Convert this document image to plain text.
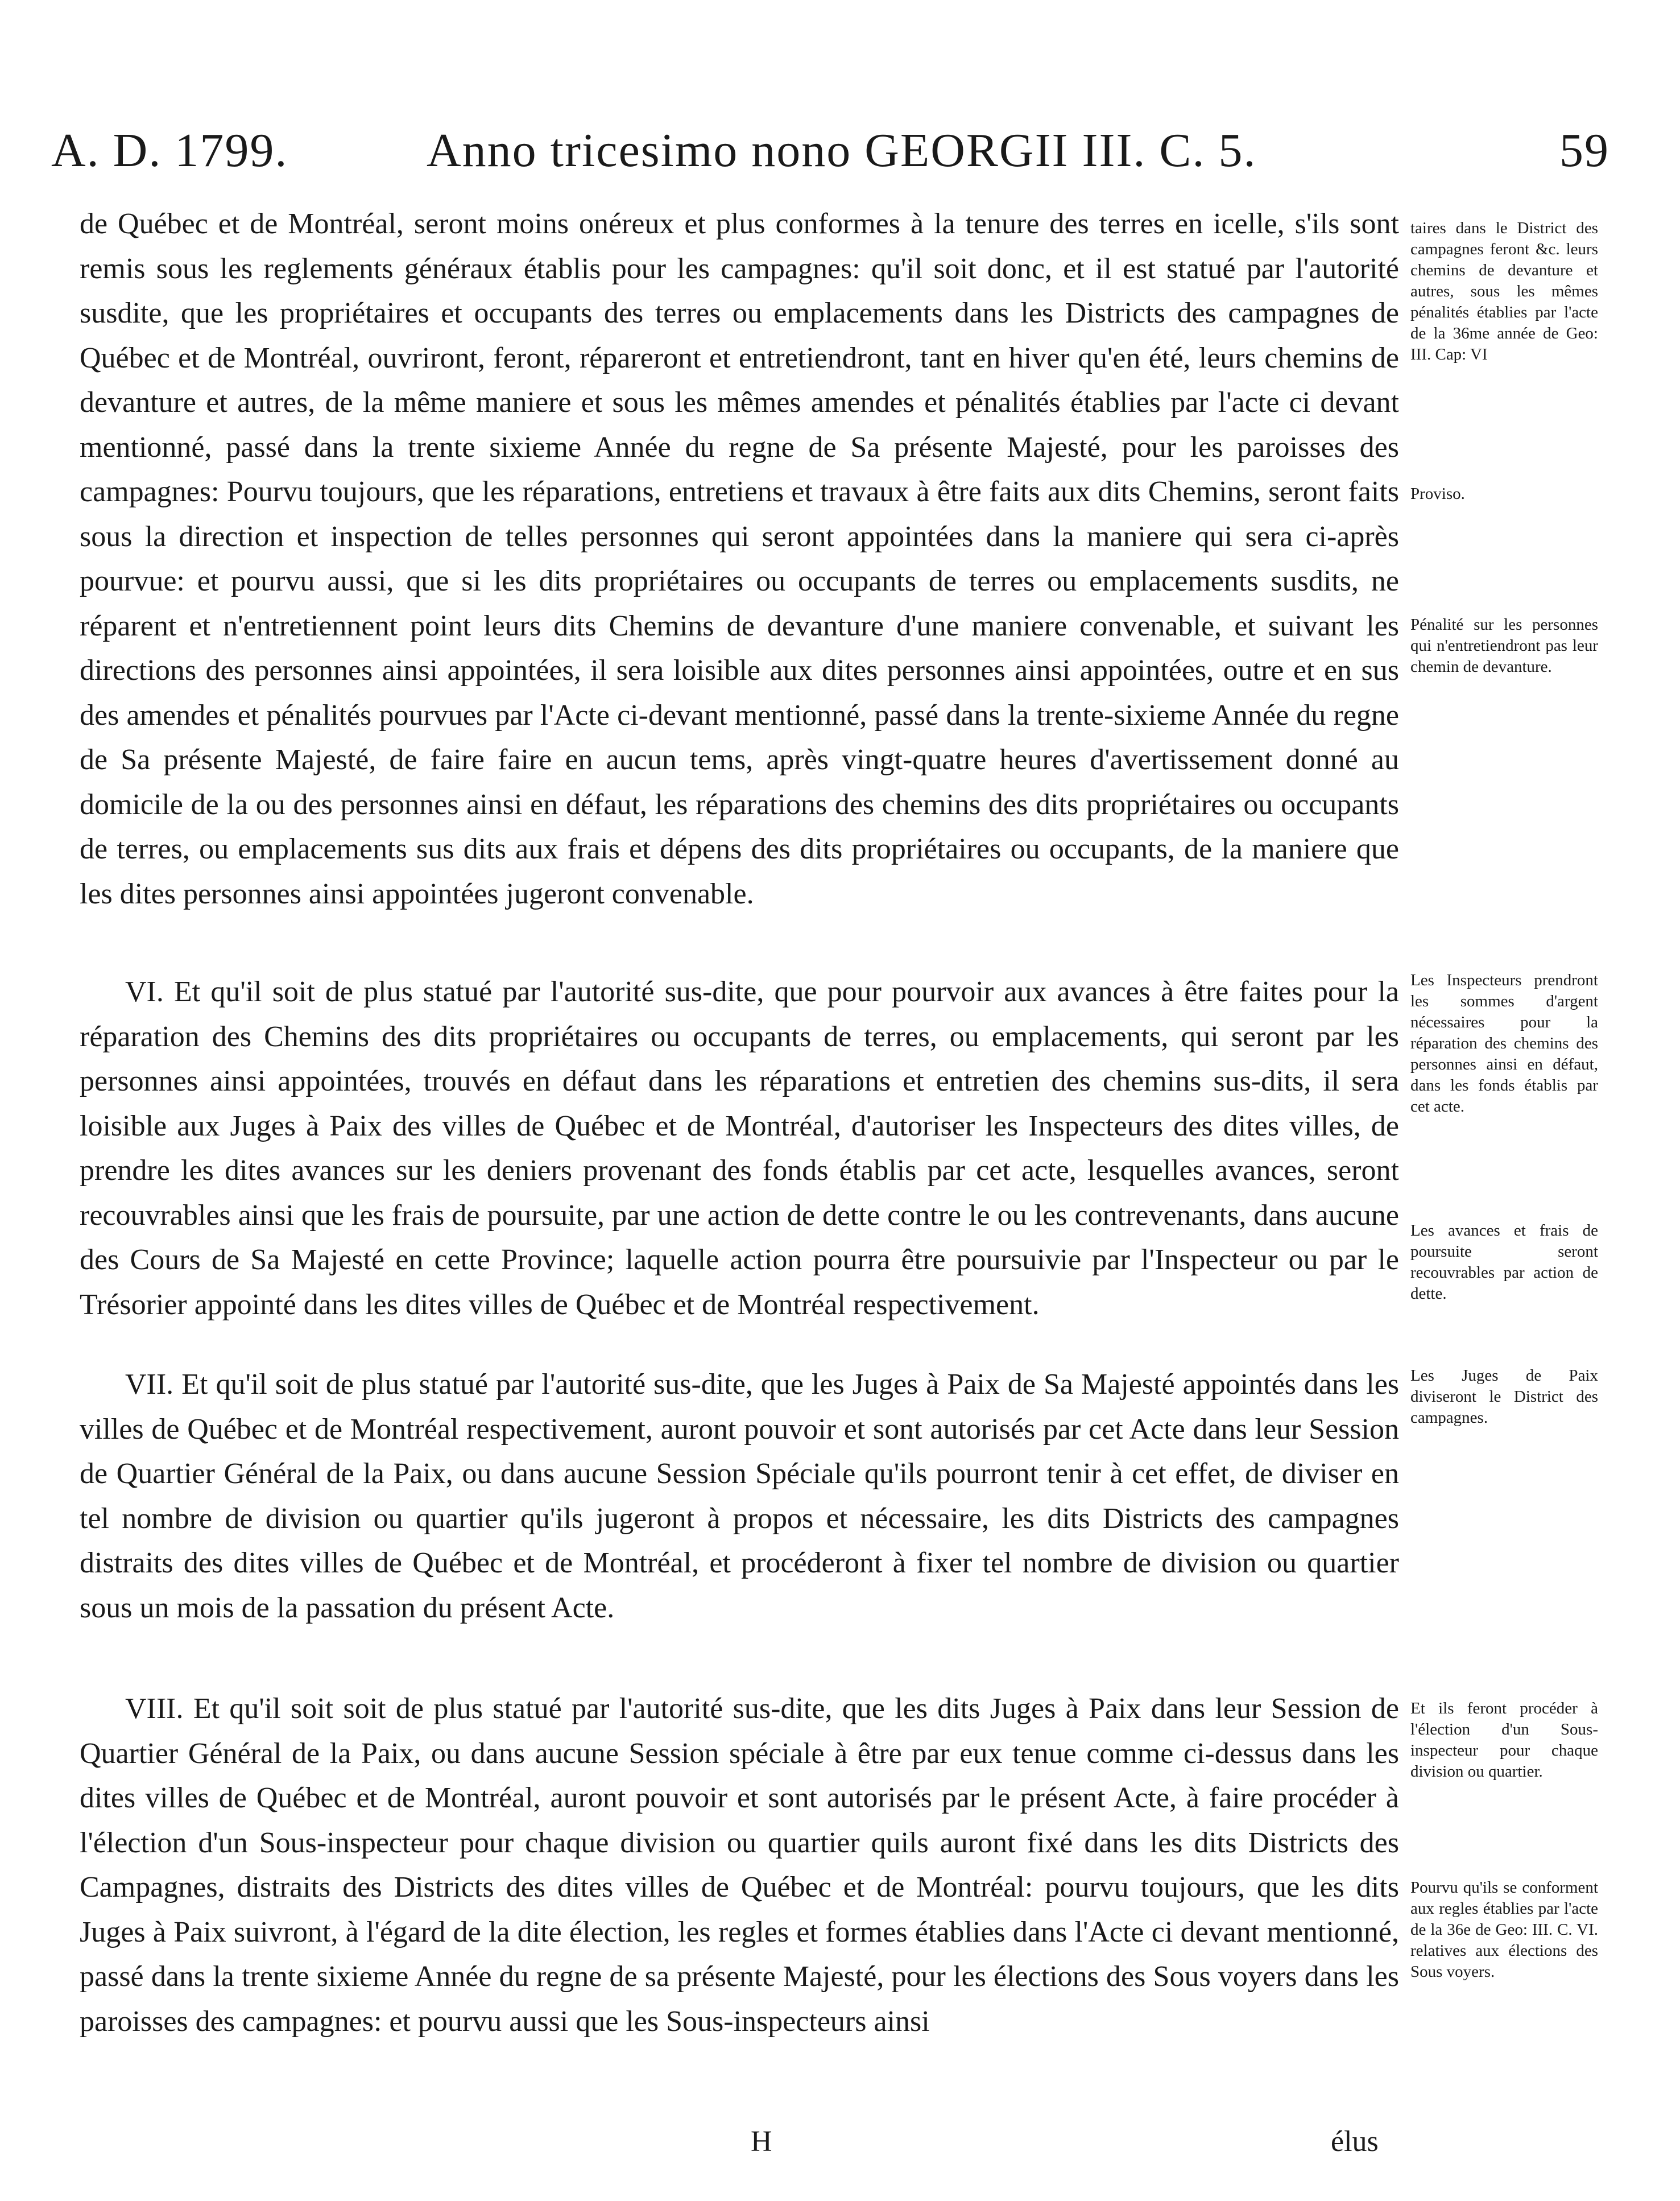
A. D. 1799.	Anno tricesimo nono GEORGII III. C. 5.	59
de Québec et de Montréal, seront moins onéreux et plus conformes à la tenure des terres en icelle, s'ils sont remis sous les reglements généraux établis pour les campagnes: qu'il soit donc, et il est statué par l'autorité susdite, que les propriétaires et occupants des terres ou emplacements dans les Districts des campagnes de Québec et de Montréal, ouvriront, feront, répareront et entretiendront, tant en hiver qu'en été, leurs chemins de devanture et autres, de la même maniere et sous les mêmes amendes et pénalités établies par l'acte ci devant mentionné, passé dans la trente sixieme Année du regne de Sa présente Majesté, pour les paroisses des campagnes: Pourvu toujours, que les réparations, entretiens et travaux à être faits aux dits Chemins, seront faits sous la direction et inspection de telles personnes qui seront appointées dans la maniere qui sera ci-après pourvue: et pourvu aussi, que si les dits propriétaires ou occupants de terres ou emplacements susdits, ne réparent et n'entretiennent point leurs dits Chemins de devanture d'une maniere convenable, et suivant les directions des personnes ainsi appointées, il sera loisible aux dites personnes ainsi appointées, outre et en sus des amendes et pénalités pourvues par l'Acte ci-devant mentionné, passé dans la trente-sixieme Année du regne de Sa présente Majesté, de faire faire en aucun tems, après vingt-quatre heures d'avertissement donné au domicile de la ou des personnes ainsi en défaut, les réparations des chemins des dits propriétaires ou occupants de terres, ou emplacements sus dits aux frais et dépens des dits propriétaires ou occupants, de la maniere que les dites personnes ainsi appointées jugeront convenable.
VI. Et qu'il soit de plus statué par l'autorité sus-dite, que pour pourvoir aux avances à être faites pour la réparation des Chemins des dits propriétaires ou occupants de terres, ou emplacements, qui seront par les personnes ainsi appointées, trouvés en défaut dans les réparations et entretien des chemins sus-dits, il sera loisible aux Juges à Paix des villes de Québec et de Montréal, d'autoriser les Inspecteurs des dites villes, de prendre les dites avances sur les deniers provenant des fonds établis par cet acte, lesquelles avances, seront recouvrables ainsi que les frais de poursuite, par une action de dette contre le ou les contrevenants, dans aucune des Cours de Sa Majesté en cette Province; laquelle action pourra être poursuivie par l'Inspecteur ou par le Trésorier appointé dans les dites villes de Québec et de Montréal respectivement.
VII. Et qu'il soit de plus statué par l'autorité sus-dite, que les Juges à Paix de Sa Majesté appointés dans les villes de Québec et de Montréal respectivement, auront pouvoir et sont autorisés par cet Acte dans leur Session de Quartier Général de la Paix, ou dans aucune Session Spéciale qu'ils pourront tenir à cet effet, de diviser en tel nombre de division ou quartier qu'ils jugeront à propos et nécessaire, les dits Districts des campagnes distraits des dites villes de Québec et de Montréal, et procéderont à fixer tel nombre de division ou quartier sous un mois de la passation du présent Acte.
VIII. Et qu'il soit soit de plus statué par l'autorité sus-dite, que les dits Juges à Paix dans leur Session de Quartier Général de la Paix, ou dans aucune Session spéciale à être par eux tenue comme ci-dessus dans les dites villes de Québec et de Montréal, auront pouvoir et sont autorisés par le présent Acte, à faire procéder à l'élection d'un Sous-inspecteur pour chaque division ou quartier quils auront fixé dans les dits Districts des Campagnes, distraits des Districts des dites villes de Québec et de Montréal: pourvu toujours, que les dits Juges à Paix suivront, à l'égard de la dite élection, les regles et formes établies dans l'Acte ci devant mentionné, passé dans la trente sixieme Année du regne de sa présente Majesté, pour les élections des Sous voyers dans les paroisses des campagnes: et pourvu aussi que les Sous-inspecteurs ainsi
taires dans le District des campagnes feront &c. leurs chemins de devanture et autres, sous les mêmes pénalités établies par l'acte de la 36me année de Geo: III. Cap: VI
Proviso.
Pénalité sur les personnes qui n'entretiendront pas leur chemin de devanture.
Les Inspecteurs prendront les sommes d'argent nécessaires pour la réparation des chemins des personnes ainsi en défaut, dans les fonds établis par cet acte.
Les avances et frais de poursuite seront recouvrables par action de dette.
Les Juges de Paix diviseront le District des campagnes.
Et ils feront procéder à l'élection d'un Sous-inspecteur pour chaque division ou quartier.
Pourvu qu'ils se conforment aux regles établies par l'acte de la 36e de Geo: III. C. VI. relatives aux élections des Sous voyers.
H	élus
